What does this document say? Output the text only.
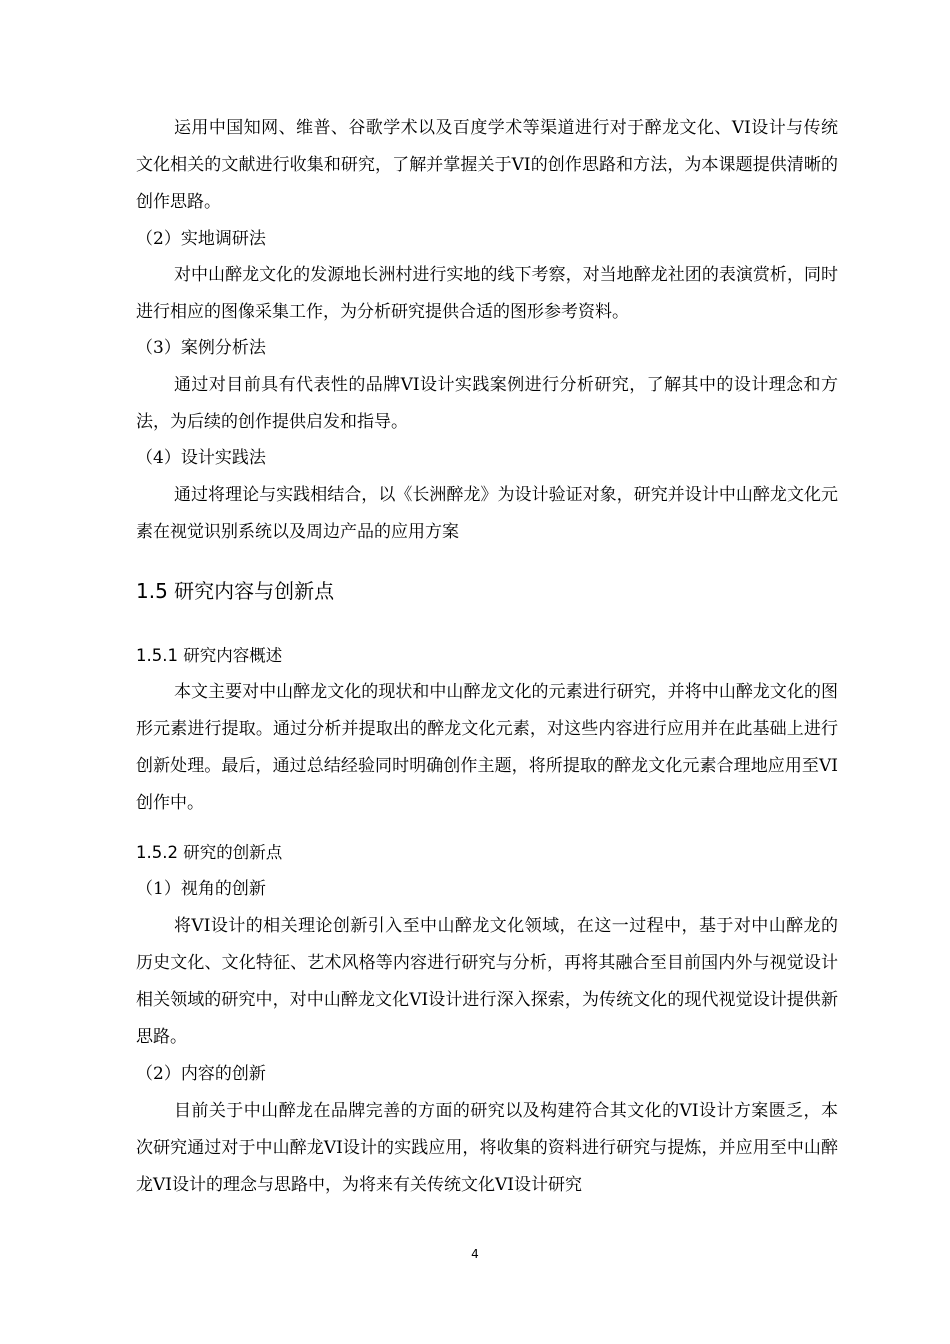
运用中国知网、维普、谷歌学术以及百度学术等渠道进行对于醉龙文化、VI设计与传统文化相关的文献进行收集和研究，了解并掌握关于VI的创作思路和方法，为本课题提供清晰的创作思路。

（2）实地调研法

对中山醉龙文化的发源地长洲村进行实地的线下考察，对当地醉龙社团的表演赏析，同时进行相应的图像采集工作，为分析研究提供合适的图形参考资料。

（3）案例分析法

通过对目前具有代表性的品牌VI设计实践案例进行分析研究，了解其中的设计理念和方法，为后续的创作提供启发和指导。

（4）设计实践法

通过将理论与实践相结合，以《长洲醉龙》为设计验证对象，研究并设计中山醉龙文化元素在视觉识别系统以及周边产品的应用方案

1.5 研究内容与创新点
1.5.1 研究内容概述

本文主要对中山醉龙文化的现状和中山醉龙文化的元素进行研究，并将中山醉龙文化的图形元素进行提取。通过分析并提取出的醉龙文化元素，对这些内容进行应用并在此基础上进行创新处理。最后，通过总结经验同时明确创作主题，将所提取的醉龙文化元素合理地应用至VI创作中。

1.5.2 研究的创新点

（1）视角的创新

将VI设计的相关理论创新引入至中山醉龙文化领域，在这一过程中，基于对中山醉龙的历史文化、文化特征、艺术风格等内容进行研究与分析，再将其融合至目前国内外与视觉设计相关领域的研究中，对中山醉龙文化VI设计进行深入探索，为传统文化的现代视觉设计提供新思路。

（2）内容的创新

目前关于中山醉龙在品牌完善的方面的研究以及构建符合其文化的VI设计方案匮乏，本次研究通过对于中山醉龙VI设计的实践应用，将收集的资料进行研究与提炼，并应用至中山醉龙VI设计的理念与思路中，为将来有关传统文化VI设计研究

4
